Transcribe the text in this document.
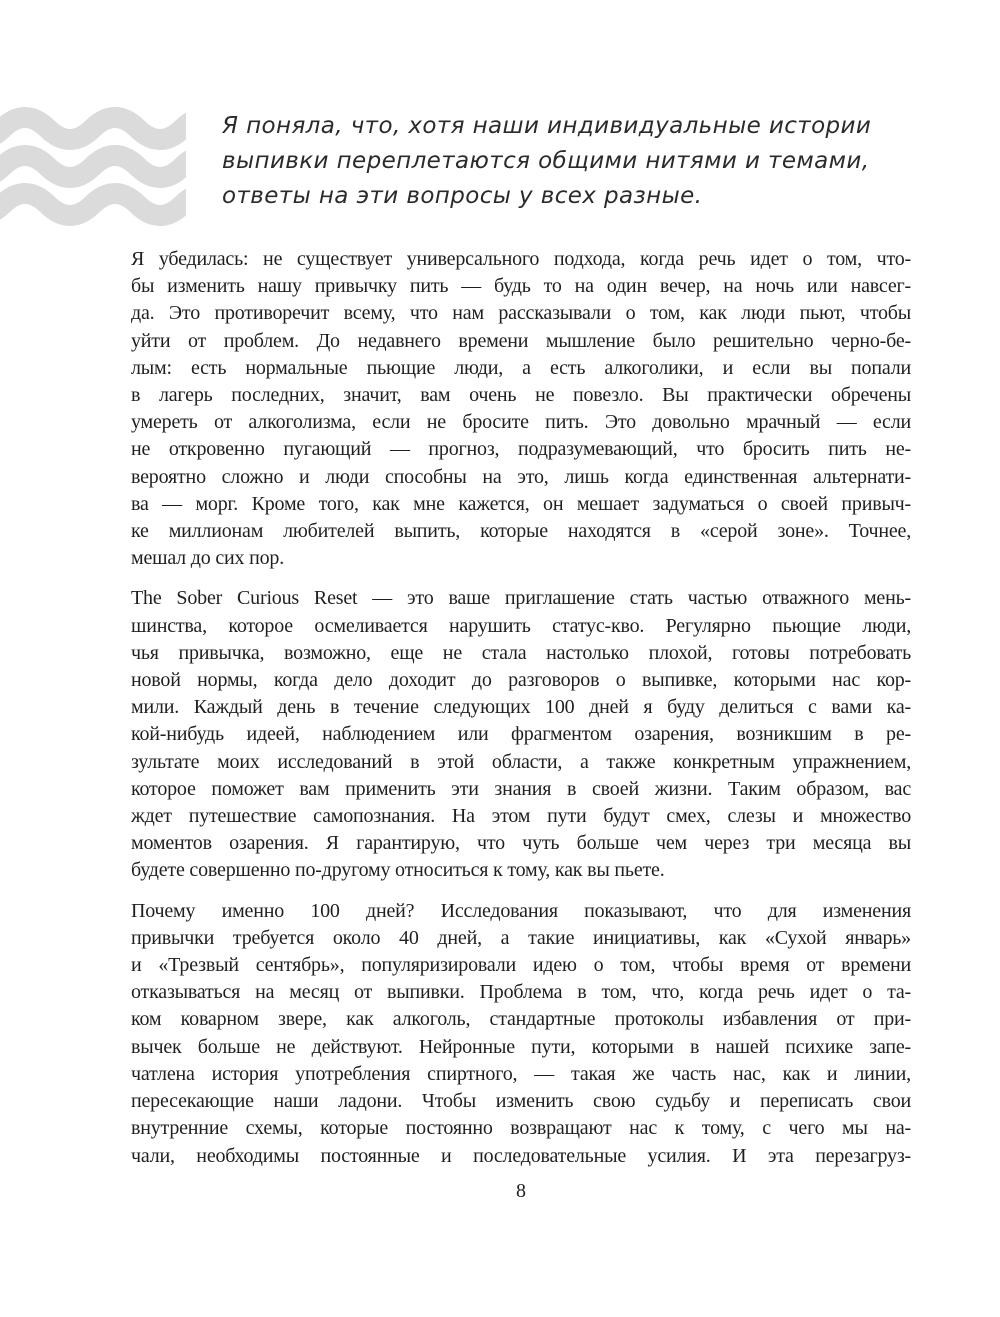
Я поняла, что, хотя наши индивидуальные истории
выпивки переплетаются общими нитями и темами,
ответы на эти вопросы у всех разные.
Я убедилась: не существует универсального подхода, когда речь идет о том, что-
бы изменить нашу привычку пить — будь то на один вечер, на ночь или навсег-
да. Это противоречит всему, что нам рассказывали о том, как люди пьют, чтобы
уйти от проблем. До недавнего времени мышление было решительно черно-бе-
лым: есть нормальные пьющие люди, а есть алкоголики, и если вы попали
в лагерь последних, значит, вам очень не повезло. Вы практически обречены
умереть от алкоголизма, если не бросите пить. Это довольно мрачный — если
не откровенно пугающий — прогноз, подразумевающий, что бросить пить не-
вероятно сложно и люди способны на это, лишь когда единственная альтернати-
ва — морг. Кроме того, как мне кажется, он мешает задуматься о своей привыч-
ке миллионам любителей выпить, которые находятся в «серой зоне». Точнее,
мешал до сих пор.
The Sober Curious Reset — это ваше приглашение стать частью отважного мень-
шинства, которое осмеливается нарушить статус-кво. Регулярно пьющие люди,
чья привычка, возможно, еще не стала настолько плохой, готовы потребовать
новой нормы, когда дело доходит до разговоров о выпивке, которыми нас кор-
мили. Каждый день в течение следующих 100 дней я буду делиться с вами ка-
кой-нибудь идеей, наблюдением или фрагментом озарения, возникшим в ре-
зультате моих исследований в этой области, а также конкретным упражнением,
которое поможет вам применить эти знания в своей жизни. Таким образом, вас
ждет путешествие самопознания. На этом пути будут смех, слезы и множество
моментов озарения. Я гарантирую, что чуть больше чем через три месяца вы
будете совершенно по-другому относиться к тому, как вы пьете.
Почему именно 100 дней? Исследования показывают, что для изменения
привычки требуется около 40 дней, а такие инициативы, как «Сухой январь»
и «Трезвый сентябрь», популяризировали идею о том, чтобы время от времени
отказываться на месяц от выпивки. Проблема в том, что, когда речь идет о та-
ком коварном звере, как алкоголь, стандартные протоколы избавления от при-
вычек больше не действуют. Нейронные пути, которыми в нашей психике запе-
чатлена история употребления спиртного, — такая же часть нас, как и линии,
пересекающие наши ладони. Чтобы изменить свою судьбу и переписать свои
внутренние схемы, которые постоянно возвращают нас к тому, с чего мы на-
чали, необходимы постоянные и последовательные усилия. И эта перезагруз-
8
